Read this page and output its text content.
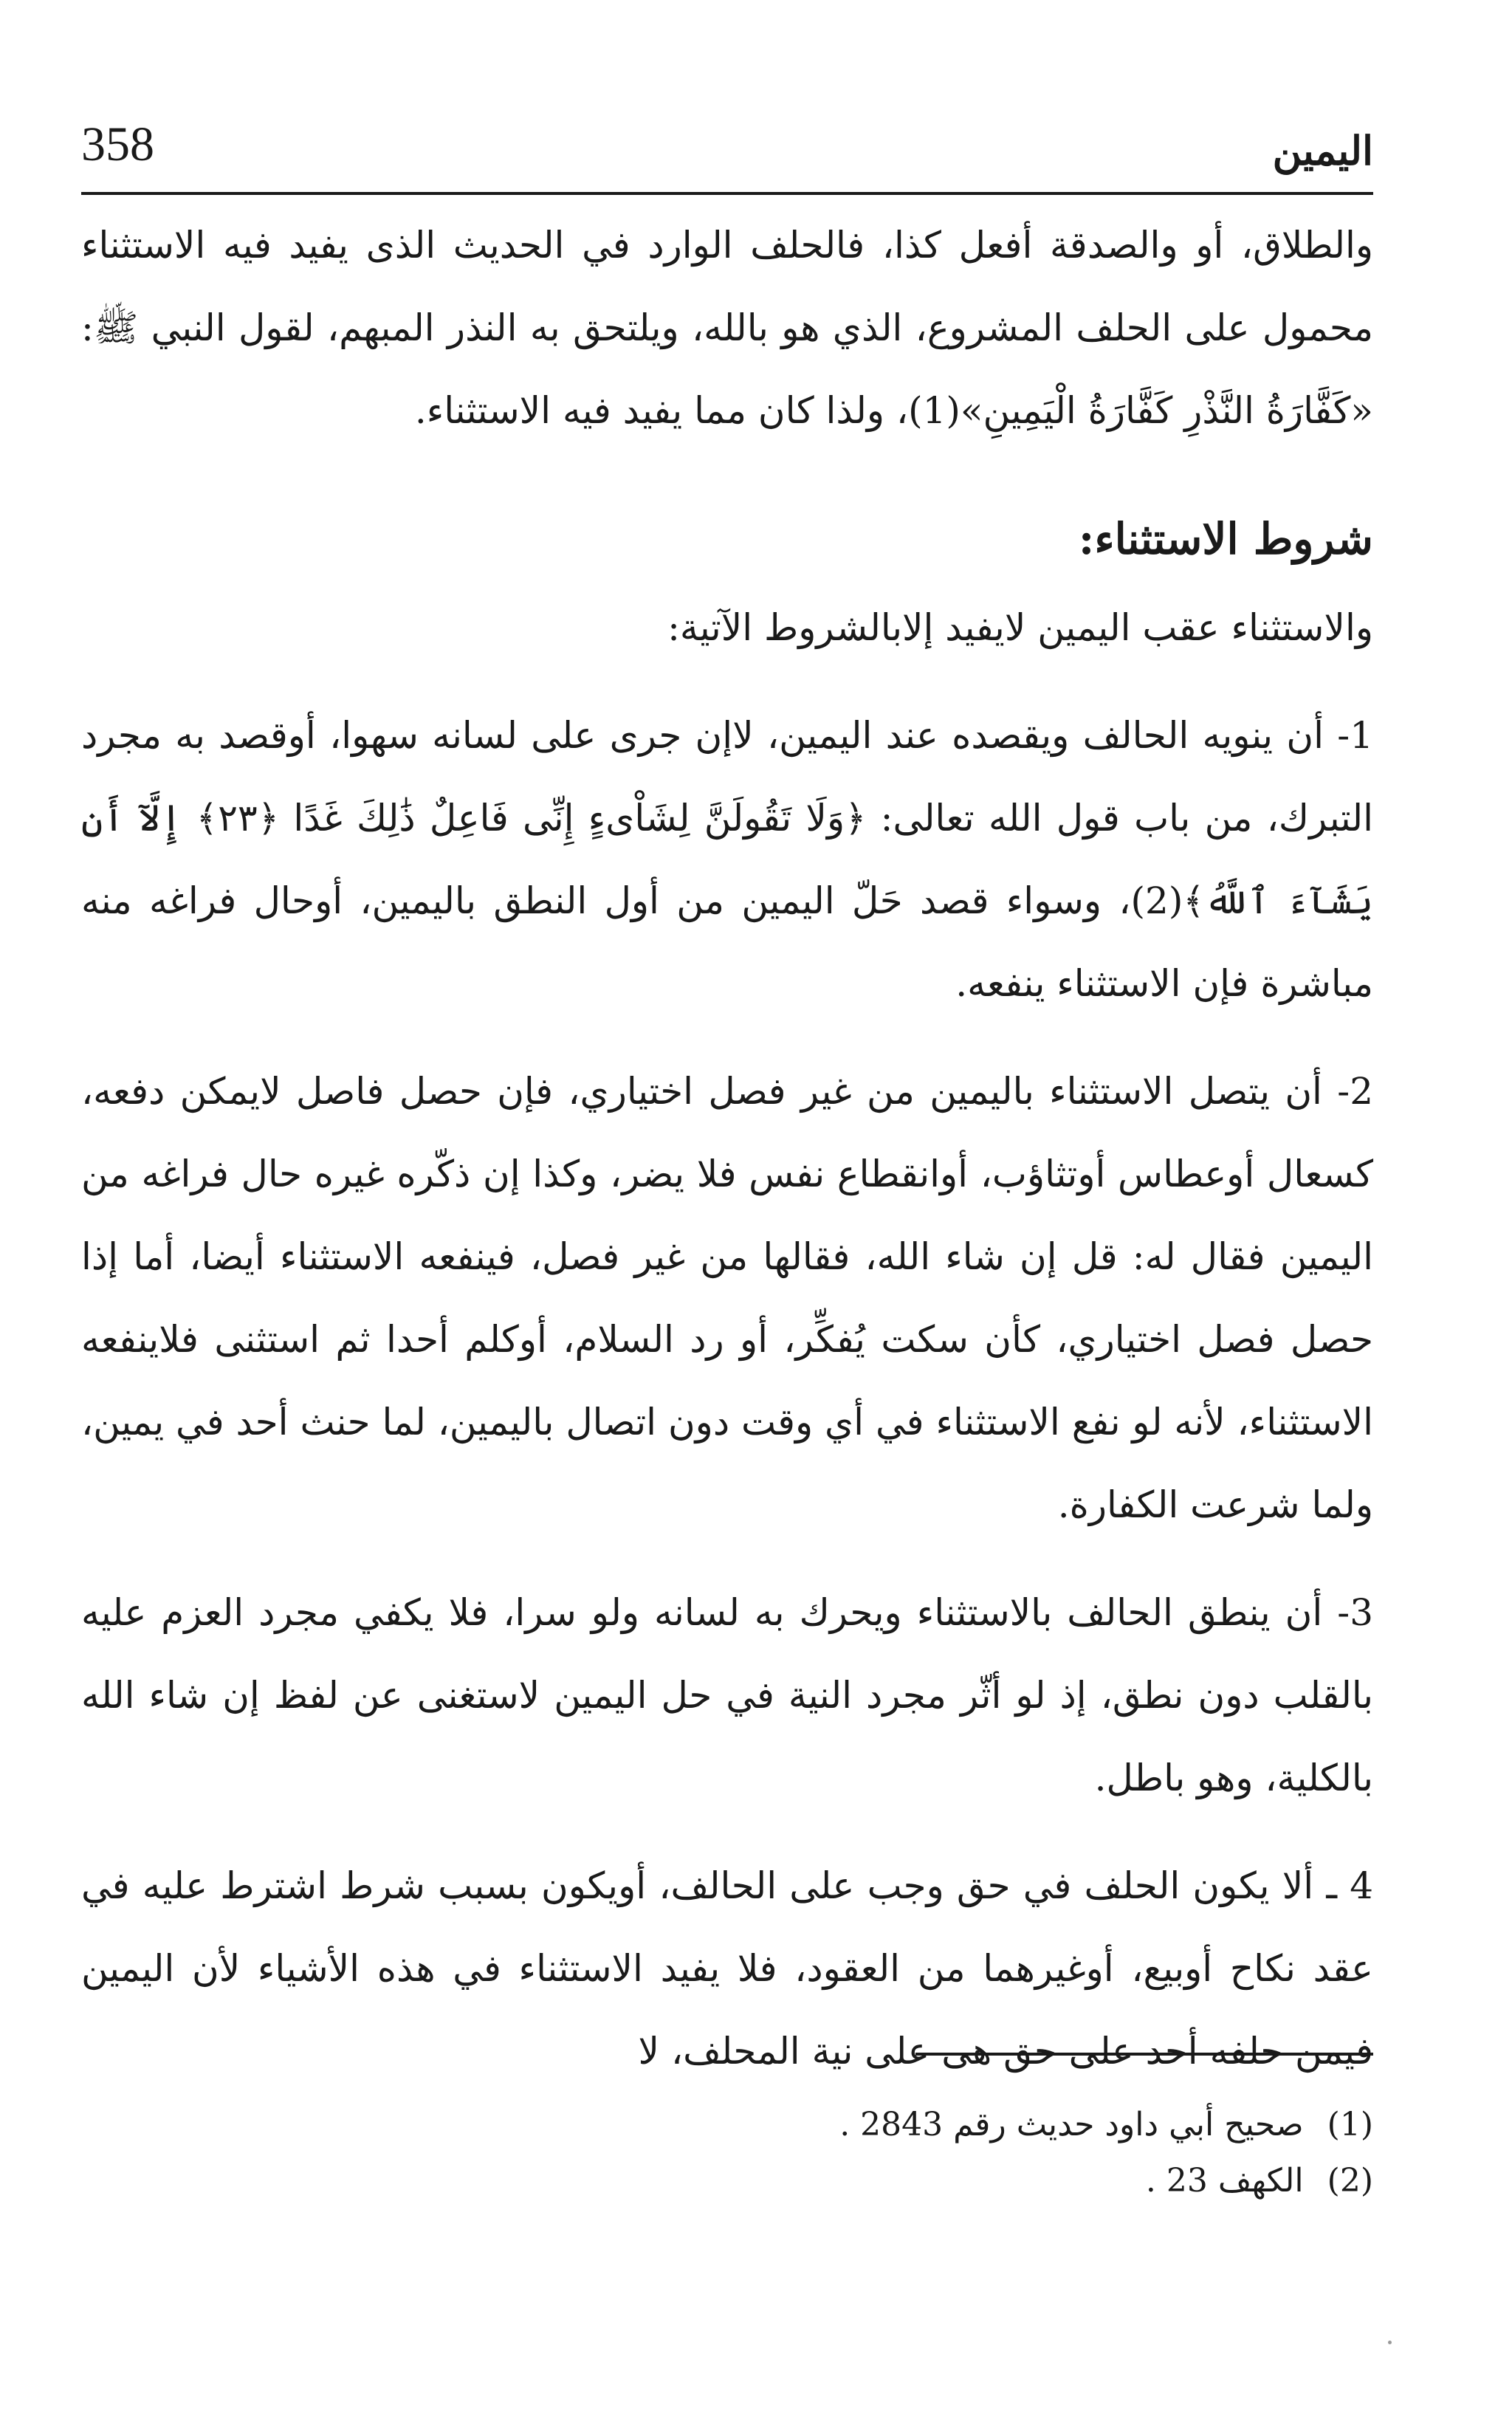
358	اليمين

والطلاق، أو والصدقة أفعل كذا، فالحلف الوارد في الحديث الذى يفيد فيه الاستثناء محمول على الحلف المشروع، الذي هو بالله، ويلتحق به النذر المبهم، لقول النبي ﷺ: «كَفَّارَةُ النَّذْرِ كَفَّارَةُ الْيَمِينِ»(1)، ولذا كان مما يفيد فيه الاستثناء.

شروط الاستثناء:

والاستثناء عقب اليمين لايفيد إلابالشروط الآتية:

1- أن ينويه الحالف ويقصده عند اليمين، لاإن جرى على لسانه سهوا، أوقصد به مجرد التبرك، من باب قول الله تعالى: ﴿وَلَا تَقُولَنَّ لِشَاْىءٍ إِنِّى فَاعِلٌ ذَٰلِكَ غَدًا ﴿٢٣﴾ إِلَّآ أَن يَشَآءَ ٱللَّهُ﴾(2)، وسواء قصد حَلّ اليمين من أول النطق باليمين، أوحال فراغه منه مباشرة فإن الاستثناء ينفعه.

2- أن يتصل الاستثناء باليمين من غير فصل اختياري، فإن حصل فاصل لايمكن دفعه، كسعال أوعطاس أوتثاؤب، أوانقطاع نفس فلا يضر، وكذا إن ذكّره غيره حال فراغه من اليمين فقال له: قل إن شاء الله، فقالها من غير فصل، فينفعه الاستثناء أيضا، أما إذا حصل فصل اختياري، كأن سكت يُفكِّر، أو رد السلام، أوكلم أحدا ثم استثنى فلاينفعه الاستثناء، لأنه لو نفع الاستثناء في أي وقت دون اتصال باليمين، لما حنث أحد في يمين، ولما شرعت الكفارة.

3- أن ينطق الحالف بالاستثناء ويحرك به لسانه ولو سرا، فلا يكفي مجرد العزم عليه بالقلب دون نطق، إذ لو أثّر مجرد النية في حل اليمين لاستغنى عن لفظ إن شاء الله بالكلية، وهو باطل.

4 ـ ألا يكون الحلف في حق وجب على الحالف، أويكون بسبب شرط اشترط عليه في عقد نكاح أوبيع، أوغيرهما من العقود، فلا يفيد الاستثناء في هذه الأشياء لأن اليمين فيمن حلفه أحد على حق هى على نية المحلف، لا

(1) صحيح أبي داود حديث رقم 2843 .

(2) الكهف 23 .
